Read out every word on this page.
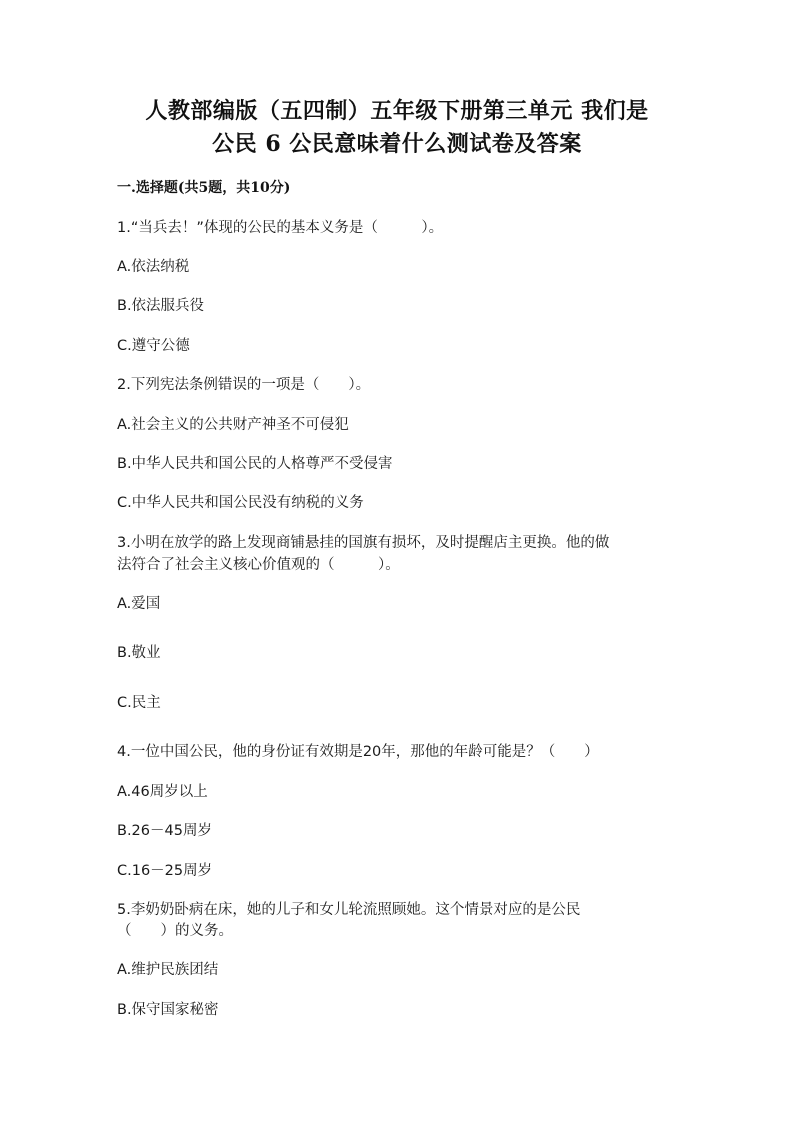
人教部编版（五四制）五年级下册第三单元 我们是
公民 6 公民意味着什么测试卷及答案
一.选择题(共5题，共10分)
1.“当兵去！”体现的公民的基本义务是（　　　）。
A.依法纳税
B.依法服兵役
C.遵守公德
2.下列宪法条例错误的一项是（　　）。
A.社会主义的公共财产神圣不可侵犯
B.中华人民共和国公民的人格尊严不受侵害
C.中华人民共和国公民没有纳税的义务
3.小明在放学的路上发现商铺悬挂的国旗有损坏，及时提醒店主更换。他的做
法符合了社会主义核心价值观的（　　　）。
A.爱国
B.敬业
C.民主
4.一位中国公民，他的身份证有效期是20年，那他的年龄可能是？（　　）
A.46周岁以上
B.26－45周岁
C.16－25周岁
5.李奶奶卧病在床，她的儿子和女儿轮流照顾她。这个情景对应的是公民
（　　）的义务。
A.维护民族团结
B.保守国家秘密
